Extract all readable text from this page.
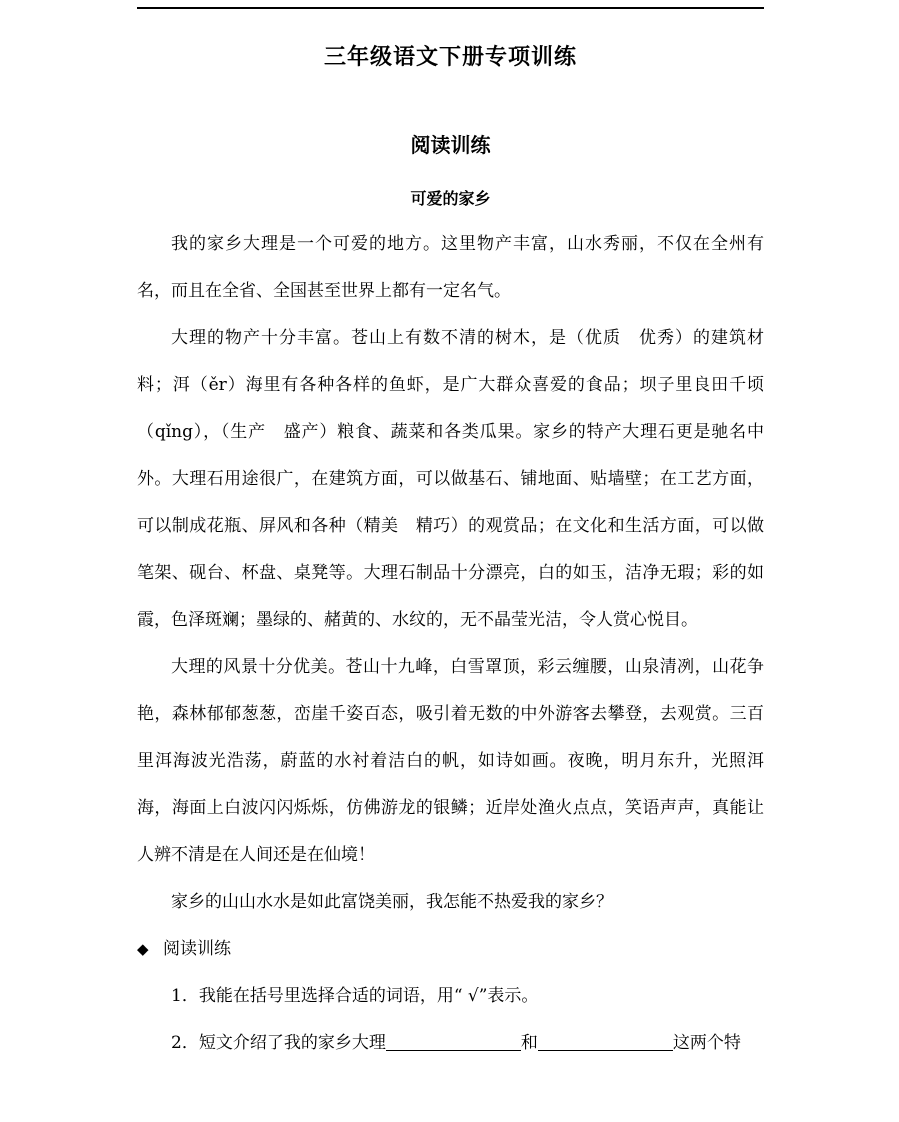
三年级语文下册专项训练
阅读训练
可爱的家乡

我的家乡大理是一个可爱的地方。这里物产丰富，山水秀丽，不仅在全州有名，而且在全省、全国甚至世界上都有一定名气。

大理的物产十分丰富。苍山上有数不清的树木，是（优质　优秀）的建筑材料；洱（ěr）海里有各种各样的鱼虾，是广大群众喜爱的食品；坝子里良田千顷（qǐng），（生产　盛产）粮食、蔬菜和各类瓜果。家乡的特产大理石更是驰名中外。大理石用途很广，在建筑方面，可以做基石、铺地面、贴墙壁；在工艺方面，可以制成花瓶、屏风和各种（精美　精巧）的观赏品；在文化和生活方面，可以做笔架、砚台、杯盘、桌凳等。大理石制品十分漂亮，白的如玉，洁净无瑕；彩的如霞，色泽斑斓；墨绿的、赭黄的、水纹的，无不晶莹光洁，令人赏心悦目。

大理的风景十分优美。苍山十九峰，白雪罩顶，彩云缠腰，山泉清冽，山花争艳，森林郁郁葱葱，峦崖千姿百态，吸引着无数的中外游客去攀登，去观赏。三百里洱海波光浩荡，蔚蓝的水衬着洁白的帆，如诗如画。夜晚，明月东升，光照洱海，海面上白波闪闪烁烁，仿佛游龙的银鳞；近岸处渔火点点，笑语声声，真能让人辨不清是在人间还是在仙境！

家乡的山山水水是如此富饶美丽，我怎能不热爱我的家乡？

◆ 阅读训练
1．我能在括号里选择合适的词语，用“ √”表示。
2．短文介绍了我的家乡大理	和	这两个特
